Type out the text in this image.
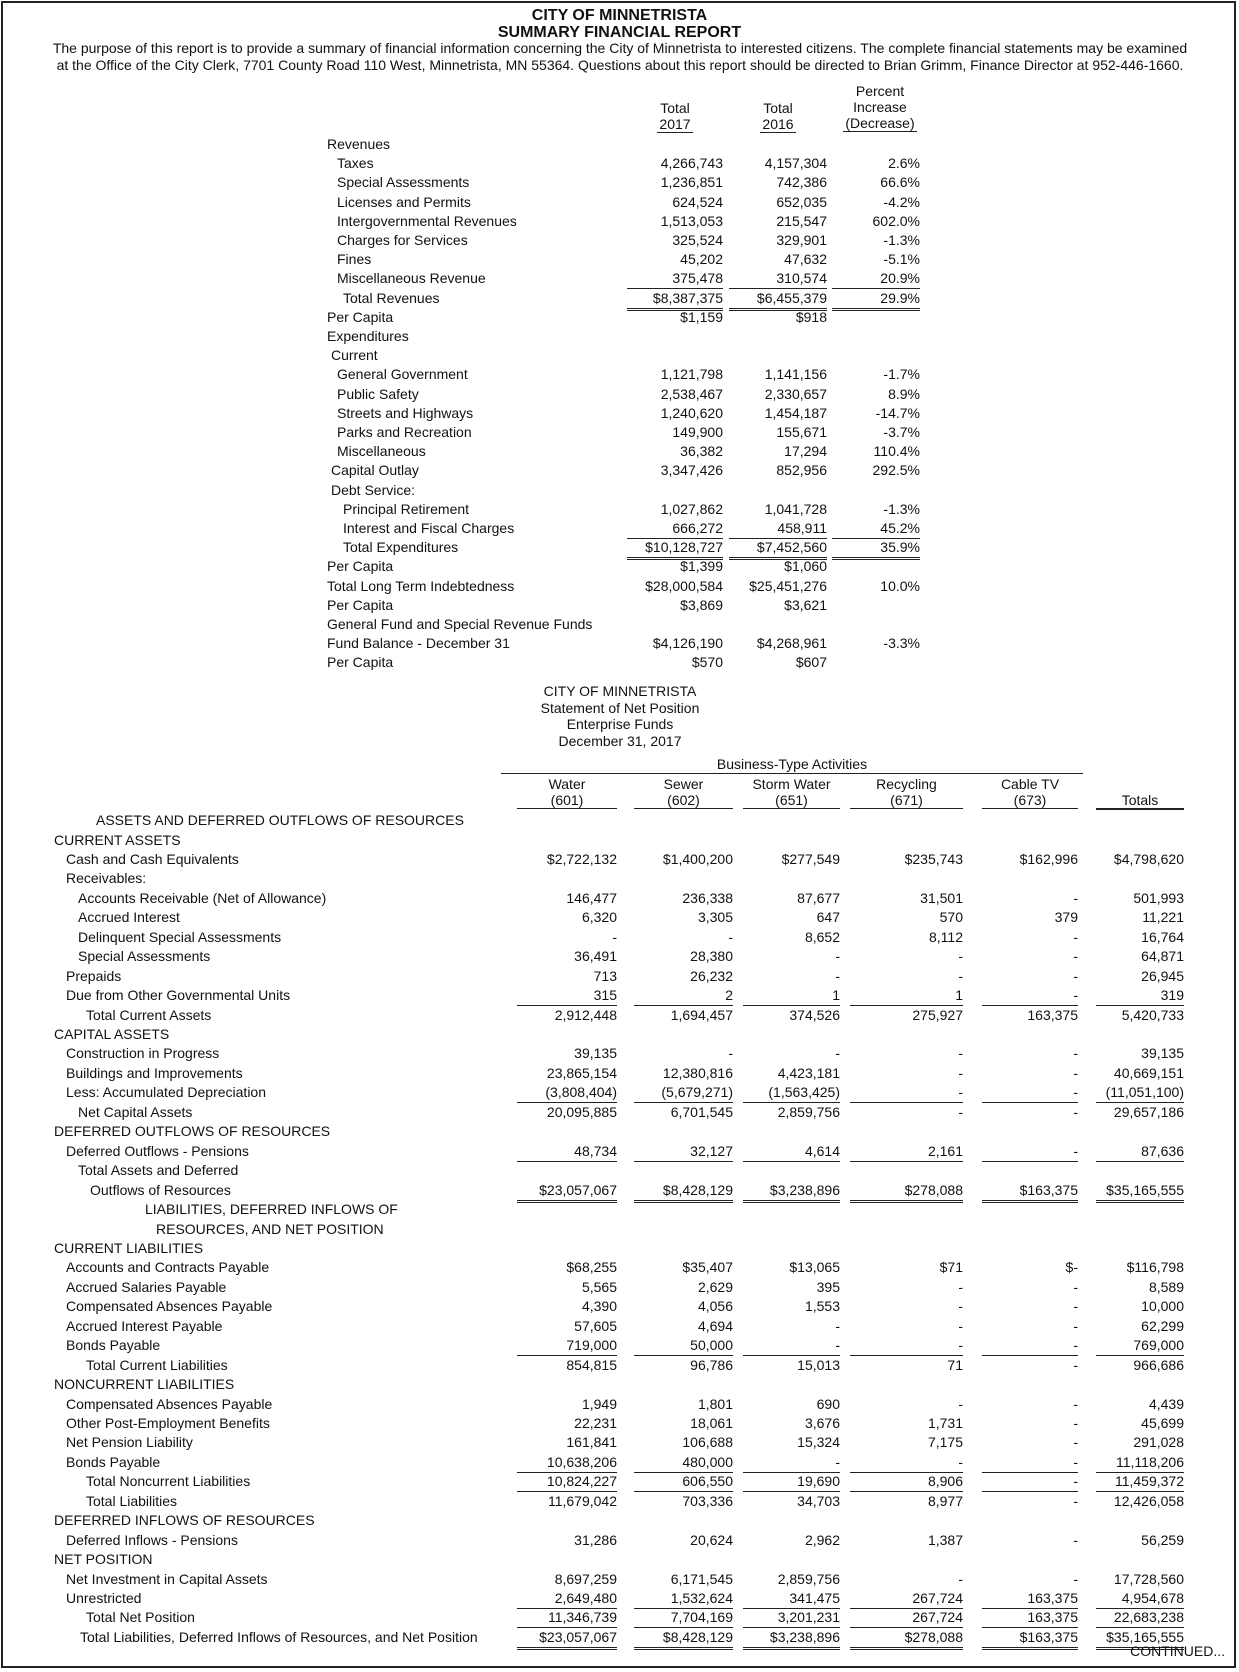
CITY OF MINNETRISTA
SUMMARY FINANCIAL REPORT
The purpose of this report is to provide a summary of financial information concerning the City of Minnetrista to interested citizens. The complete financial statements may be examined
at the Office of the City Clerk, 7701 County Road 110 West, Minnetrista, MN 55364. Questions about this report should be directed to Brian Grimm, Finance Director at 952-446-1660.
Total
2017
Total
2016
Percent
Increase
(Decrease)
Revenues
Taxes	4,266,743	4,157,304	2.6%
Special Assessments	1,236,851	742,386	66.6%
Licenses and Permits	624,524	652,035	-4.2%
Intergovernmental Revenues	1,513,053	215,547	602.0%
Charges for Services	325,524	329,901	-1.3%
Fines	45,202	47,632	-5.1%
Miscellaneous Revenue	375,478	310,574	20.9%
Total Revenues	$8,387,375	$6,455,379	29.9%
Per Capita	$1,159	$918
Expenditures
Current
General Government	1,121,798	1,141,156	-1.7%
Public Safety	2,538,467	2,330,657	8.9%
Streets and Highways	1,240,620	1,454,187	-14.7%
Parks and Recreation	149,900	155,671	-3.7%
Miscellaneous	36,382	17,294	110.4%
Capital Outlay	3,347,426	852,956	292.5%
Debt Service:
Principal Retirement	1,027,862	1,041,728	-1.3%
Interest and Fiscal Charges	666,272	458,911	45.2%
Total Expenditures	$10,128,727	$7,452,560	35.9%
Per Capita	$1,399	$1,060
Total Long Term Indebtedness	$28,000,584	$25,451,276	10.0%
Per Capita	$3,869	$3,621
General Fund and Special Revenue Funds
Fund Balance - December 31	$4,126,190	$4,268,961	-3.3%
Per Capita	$570	$607
CITY OF MINNETRISTA
Statement of Net Position
Enterprise Funds
December 31, 2017
Business-Type Activities
Water
(601)
Sewer
(602)
Storm Water
(651)
Recycling
(671)
Cable TV
(673)	Totals
ASSETS AND DEFERRED OUTFLOWS OF RESOURCES
CURRENT ASSETS
Cash and Cash Equivalents	$2,722,132	$1,400,200	$277,549	$235,743	$162,996	$4,798,620
Receivables:
Accounts Receivable (Net of Allowance)	146,477	236,338	87,677	31,501	-	501,993
Accrued Interest	6,320	3,305	647	570	379	11,221
Delinquent Special Assessments	-	-	8,652	8,112	-	16,764
Special Assessments	36,491	28,380	-	-	-	64,871
Prepaids	713	26,232	-	-	-	26,945
Due from Other Governmental Units	315	2	1	1	-	319
Total Current Assets	2,912,448	1,694,457	374,526	275,927	163,375	5,420,733
CAPITAL ASSETS
Construction in Progress	39,135	-	-	-	-	39,135
Buildings and Improvements	23,865,154	12,380,816	4,423,181	-	-	40,669,151
Less: Accumulated Depreciation	(3,808,404)	(5,679,271)	(1,563,425)	-	-	(11,051,100)
Net Capital Assets	20,095,885	6,701,545	2,859,756	-	-	29,657,186
DEFERRED OUTFLOWS OF RESOURCES
Deferred Outflows - Pensions	48,734	32,127	4,614	2,161	-	87,636
Total Assets and Deferred
Outflows of Resources	$23,057,067	$8,428,129	$3,238,896	$278,088	$163,375	$35,165,555
LIABILITIES, DEFERRED INFLOWS OF
RESOURCES, AND NET POSITION
CURRENT LIABILITIES
Accounts and Contracts Payable	$68,255	$35,407	$13,065	$71	$-	$116,798
Accrued Salaries Payable	5,565	2,629	395	-	-	8,589
Compensated Absences Payable	4,390	4,056	1,553	-	-	10,000
Accrued Interest Payable	57,605	4,694	-	-	-	62,299
Bonds Payable	719,000	50,000	-	-	-	769,000
Total Current Liabilities	854,815	96,786	15,013	71	-	966,686
NONCURRENT LIABILITIES
Compensated Absences Payable	1,949	1,801	690	-	-	4,439
Other Post-Employment Benefits	22,231	18,061	3,676	1,731	-	45,699
Net Pension Liability	161,841	106,688	15,324	7,175	-	291,028
Bonds Payable	10,638,206	480,000	-	-	-	11,118,206
Total Noncurrent Liabilities	10,824,227	606,550	19,690	8,906	-	11,459,372
Total Liabilities	11,679,042	703,336	34,703	8,977	-	12,426,058
DEFERRED INFLOWS OF RESOURCES
Deferred Inflows - Pensions	31,286	20,624	2,962	1,387	-	56,259
NET POSITION
Net Investment in Capital Assets	8,697,259	6,171,545	2,859,756	-	-	17,728,560
Unrestricted	2,649,480	1,532,624	341,475	267,724	163,375	4,954,678
Total Net Position	11,346,739	7,704,169	3,201,231	267,724	163,375	22,683,238
Total Liabilities, Deferred Inflows of Resources, and Net Position	$23,057,067	$8,428,129	$3,238,896	$278,088	$163,375	$35,165,555
CONTINUED...
